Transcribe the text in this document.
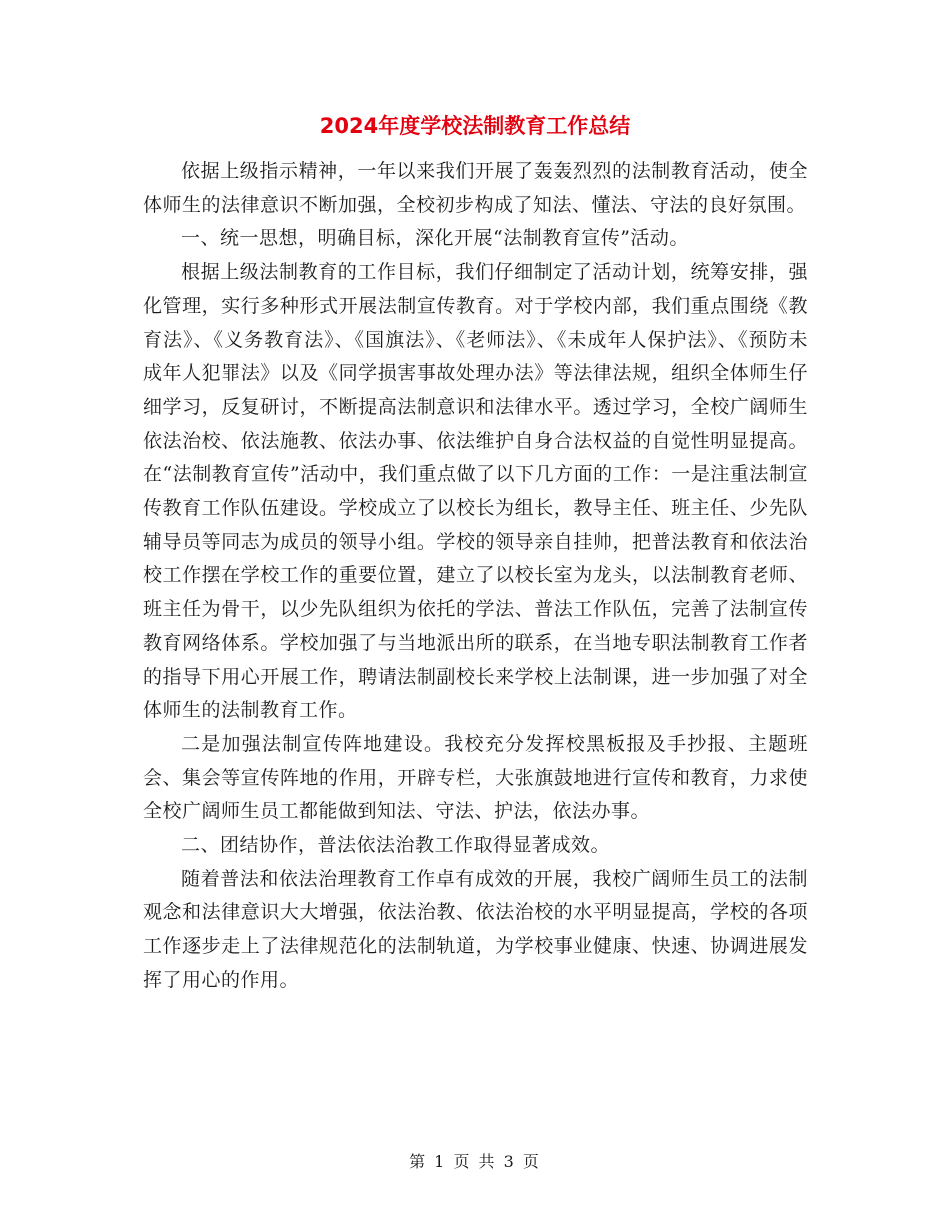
2024年度学校法制教育工作总结

依据上级指示精神，一年以来我们开展了轰轰烈烈的法制教育活动，使全体师生的法律意识不断加强，全校初步构成了知法、懂法、守法的良好氛围。

一、统一思想，明确目标，深化开展“法制教育宣传”活动。

根据上级法制教育的工作目标，我们仔细制定了活动计划，统筹安排，强化管理，实行多种形式开展法制宣传教育。对于学校内部，我们重点围绕《教育法》、《义务教育法》、《国旗法》、《老师法》、《未成年人保护法》、《预防未成年人犯罪法》以及《同学损害事故处理办法》等法律法规，组织全体师生仔细学习，反复研讨，不断提高法制意识和法律水平。透过学习，全校广阔师生依法治校、依法施教、依法办事、依法维护自身合法权益的自觉性明显提高。在“法制教育宣传”活动中，我们重点做了以下几方面的工作：一是注重法制宣传教育工作队伍建设。学校成立了以校长为组长，教导主任、班主任、少先队辅导员等同志为成员的领导小组。学校的领导亲自挂帅，把普法教育和依法治校工作摆在学校工作的重要位置，建立了以校长室为龙头，以法制教育老师、班主任为骨干，以少先队组织为依托的学法、普法工作队伍，完善了法制宣传教育网络体系。学校加强了与当地派出所的联系，在当地专职法制教育工作者的指导下用心开展工作，聘请法制副校长来学校上法制课，进一步加强了对全体师生的法制教育工作。

二是加强法制宣传阵地建设。我校充分发挥校黑板报及手抄报、主题班会、集会等宣传阵地的作用，开辟专栏，大张旗鼓地进行宣传和教育，力求使全校广阔师生员工都能做到知法、守法、护法，依法办事。

二、团结协作，普法依法治教工作取得显著成效。

随着普法和依法治理教育工作卓有成效的开展，我校广阔师生员工的法制观念和法律意识大大增强，依法治教、依法治校的水平明显提高，学校的各项工作逐步走上了法律规范化的法制轨道，为学校事业健康、快速、协调进展发挥了用心的作用。

第 1 页 共 3 页
